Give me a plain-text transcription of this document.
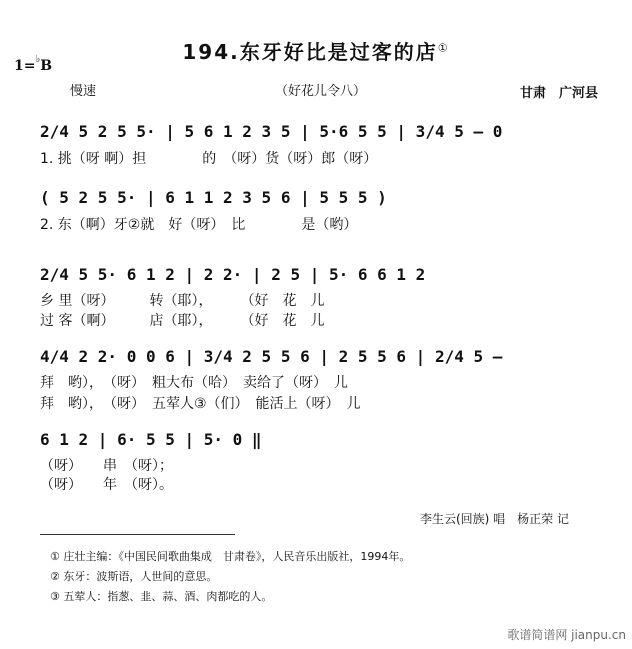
194.东牙好比是过客的店①
1=♭B
慢速	（好花儿令八）	甘肃　广河县
2/4 5 2 5 5· | 5 6 1 2 3 5 | 5·6 5 5 | 3/4 5 — 0
1. 挑（呀 啊）担　　　　的　（呀）货（呀）郎（呀）
( 5 2 5 5· | 6 1 1 2 3 5 6 | 5 5 5 )
2. 东（啊）牙②就　好（呀）　比　　　　是（哟）
2/4 5 5· 6 1 2 | 2 2· | 2 5 | 5· 6 6 1 2
乡 里（呀）　　　转（耶），　　　（好　花　儿
过 客（啊）　　　店（耶），　　　（好　花　儿
4/4 2 2· 0 0 6 | 3/4 2 5 5 6 | 2 5 5 6 | 2/4 5 —
拜　哟），　（呀）　粗大布（哈）　卖给了（呀）　儿
拜　哟），　（呀）　五荤人③（们）　能活上（呀）　儿
6 1 2 | 6· 5 5 | 5· 0 ‖
（呀）　　串　（呀）；
（呀）　　年　（呀）。
李生云(回族) 唱　杨正荣 记
① 庄壮主编：《中国民间歌曲集成　甘肃卷》，人民音乐出版社，1994年。
② 东牙：波斯语，人世间的意思。
③ 五荤人：指葱、韭、蒜、酒、肉都吃的人。
歌谱简谱网 jianpu.cn
